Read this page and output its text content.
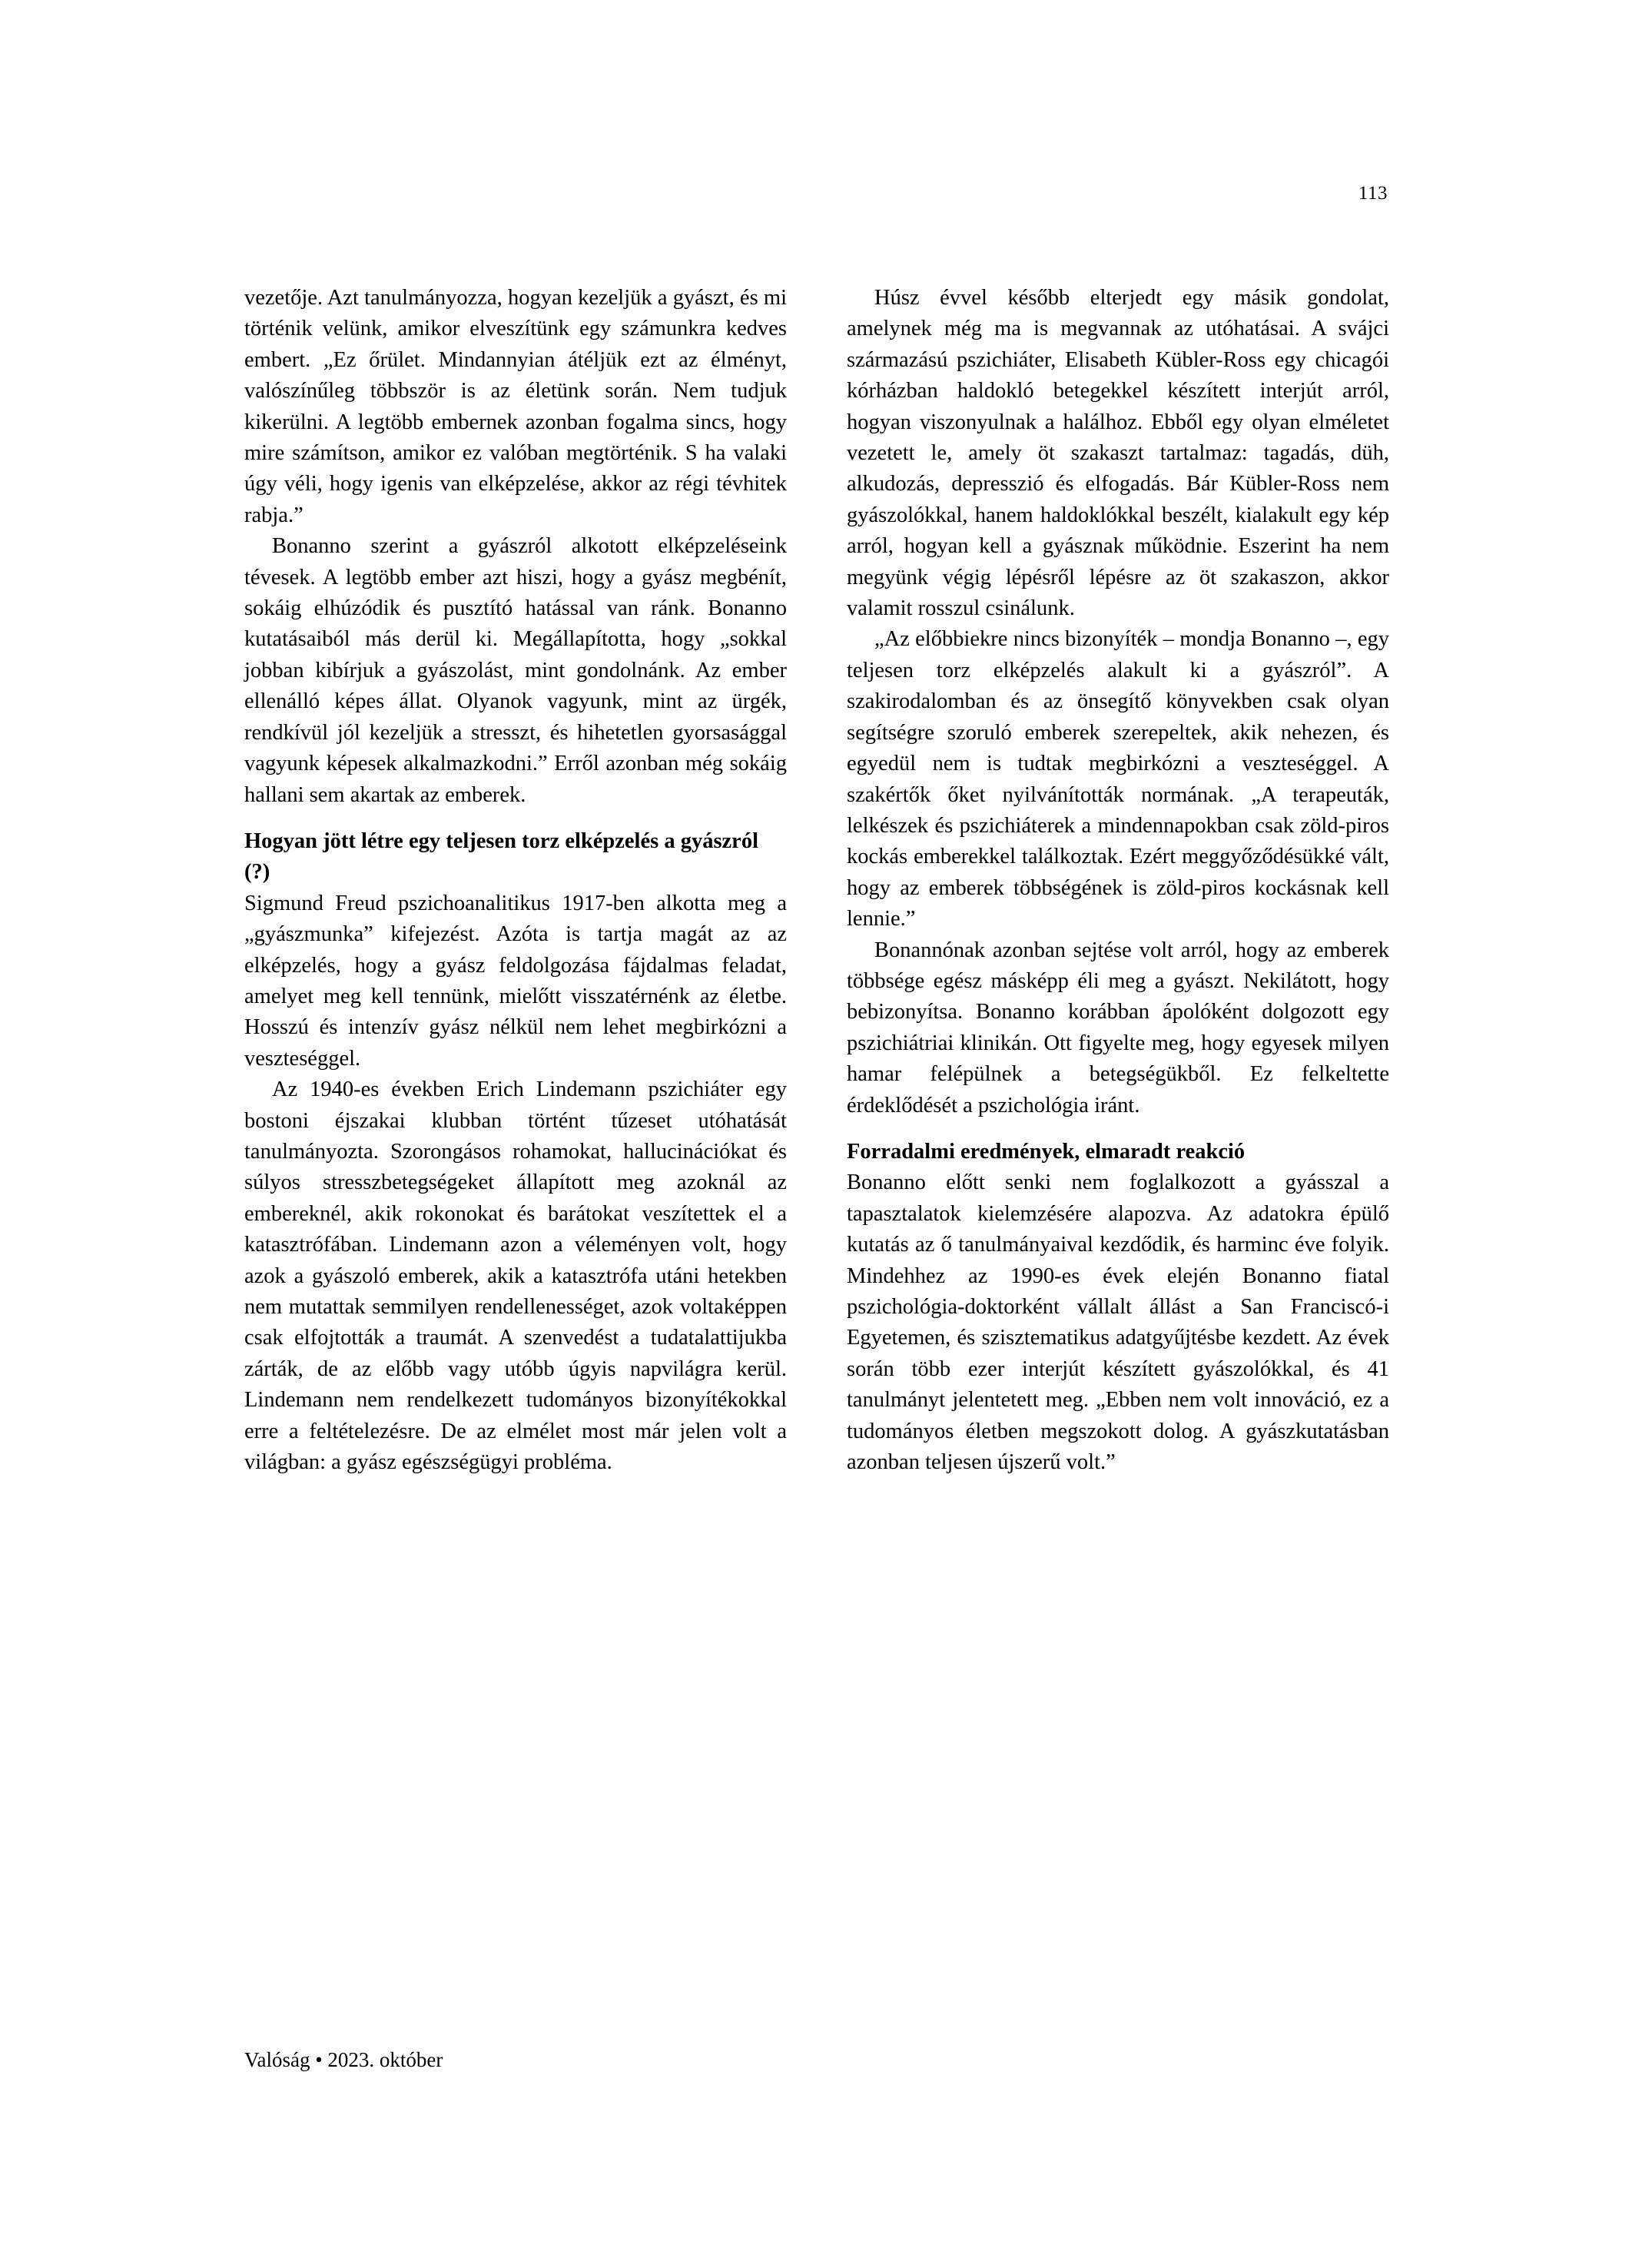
113

vezetője. Azt tanulmányozza, hogyan kezeljük a gyászt, és mi történik velünk, amikor elveszítünk egy számunkra kedves embert. „Ez őrület. Mindannyian átéljük ezt az élményt, valószínűleg többször is az életünk során. Nem tudjuk kikerülni. A legtöbb embernek azonban fogalma sincs, hogy mire számítson, amikor ez valóban megtörténik. S ha valaki úgy véli, hogy igenis van elképzelése, akkor az régi tévhitek rabja.”

Bonanno szerint a gyászról alkotott elképzeléseink tévesek. A legtöbb ember azt hiszi, hogy a gyász megbénít, sokáig elhúzódik és pusztító hatással van ránk. Bonanno kutatásaiból más derül ki. Megállapította, hogy „sokkal jobban kibírjuk a gyászolást, mint gondolnánk. Az ember ellenálló képes állat. Olyanok vagyunk, mint az ürgék, rendkívül jól kezeljük a stresszt, és hihetetlen gyorsasággal vagyunk képesek alkalmazkodni.” Erről azonban még sokáig hallani sem akartak az emberek.

Hogyan jött létre egy teljesen torz elképzelés a gyászról (?)

Sigmund Freud pszichoanalitikus 1917-ben alkotta meg a „gyászmunka” kifejezést. Azóta is tartja magát az az elképzelés, hogy a gyász feldolgozása fájdalmas feladat, amelyet meg kell tennünk, mielőtt visszatérnénk az életbe. Hosszú és intenzív gyász nélkül nem lehet megbirkózni a veszteséggel.

Az 1940-es években Erich Lindemann pszichiáter egy bostoni éjszakai klubban történt tűzeset utóhatását tanulmányozta. Szorongásos rohamokat, hallucinációkat és súlyos stresszbetegségeket állapított meg azoknál az embereknél, akik rokonokat és barátokat veszítettek el a katasztrófában. Lindemann azon a véleményen volt, hogy azok a gyászoló emberek, akik a katasztrófa utáni hetekben nem mutattak semmilyen rendellenességet, azok voltaképpen csak elfojtották a traumát. A szenvedést a tudatalattijukba zárták, de az előbb vagy utóbb úgyis napvilágra kerül. Lindemann nem rendelkezett tudományos bizonyítékokkal erre a feltételezésre. De az elmélet most már jelen volt a világban: a gyász egészségügyi probléma.

Húsz évvel később elterjedt egy másik gondolat, amelynek még ma is megvannak az utóhatásai. A svájci származású pszichiáter, Elisabeth Kübler-Ross egy chicagói kórházban haldokló betegekkel készített interjút arról, hogyan viszonyulnak a halálhoz. Ebből egy olyan elméletet vezetett le, amely öt szakaszt tartalmaz: tagadás, düh, alkudozás, depresszió és elfogadás. Bár Kübler-Ross nem gyászolókkal, hanem haldoklókkal beszélt, kialakult egy kép arról, hogyan kell a gyásznak működnie. Eszerint ha nem megyünk végig lépésről lépésre az öt szakaszon, akkor valamit rosszul csinálunk.

„Az előbbiekre nincs bizonyíték – mondja Bonanno –, egy teljesen torz elképzelés alakult ki a gyászról”. A szakirodalomban és az önsegítő könyvekben csak olyan segítségre szoruló emberek szerepeltek, akik nehezen, és egyedül nem is tudtak megbirkózni a veszteséggel. A szakértők őket nyilvánították normának. „A terapeuták, lelkészek és pszichiáterek a mindennapokban csak zöld-piros kockás emberekkel találkoztak. Ezért meggyőződésükké vált, hogy az emberek többségének is zöld-piros kockásnak kell lennie.”

Bonannónak azonban sejtése volt arról, hogy az emberek többsége egész másképp éli meg a gyászt. Nekilátott, hogy bebizonyítsa. Bonanno korábban ápolóként dolgozott egy pszichiátriai klinikán. Ott figyelte meg, hogy egyesek milyen hamar felépülnek a betegségükből. Ez felkeltette érdeklődését a pszichológia iránt.

Forradalmi eredmények, elmaradt reakció

Bonanno előtt senki nem foglalkozott a gyásszal a tapasztalatok kielemzésére alapozva. Az adatokra épülő kutatás az ő tanulmányaival kezdődik, és harminc éve folyik. Mindehhez az 1990-es évek elején Bonanno fiatal pszichológia-doktorként vállalt állást a San Franciscó-i Egyetemen, és szisztematikus adatgyűjtésbe kezdett. Az évek során több ezer interjút készített gyászolókkal, és 41 tanulmányt jelentetett meg. „Ebben nem volt innováció, ez a tudományos életben megszokott dolog. A gyászkutatásban azonban teljesen újszerű volt.”

Valóság • 2023. október
